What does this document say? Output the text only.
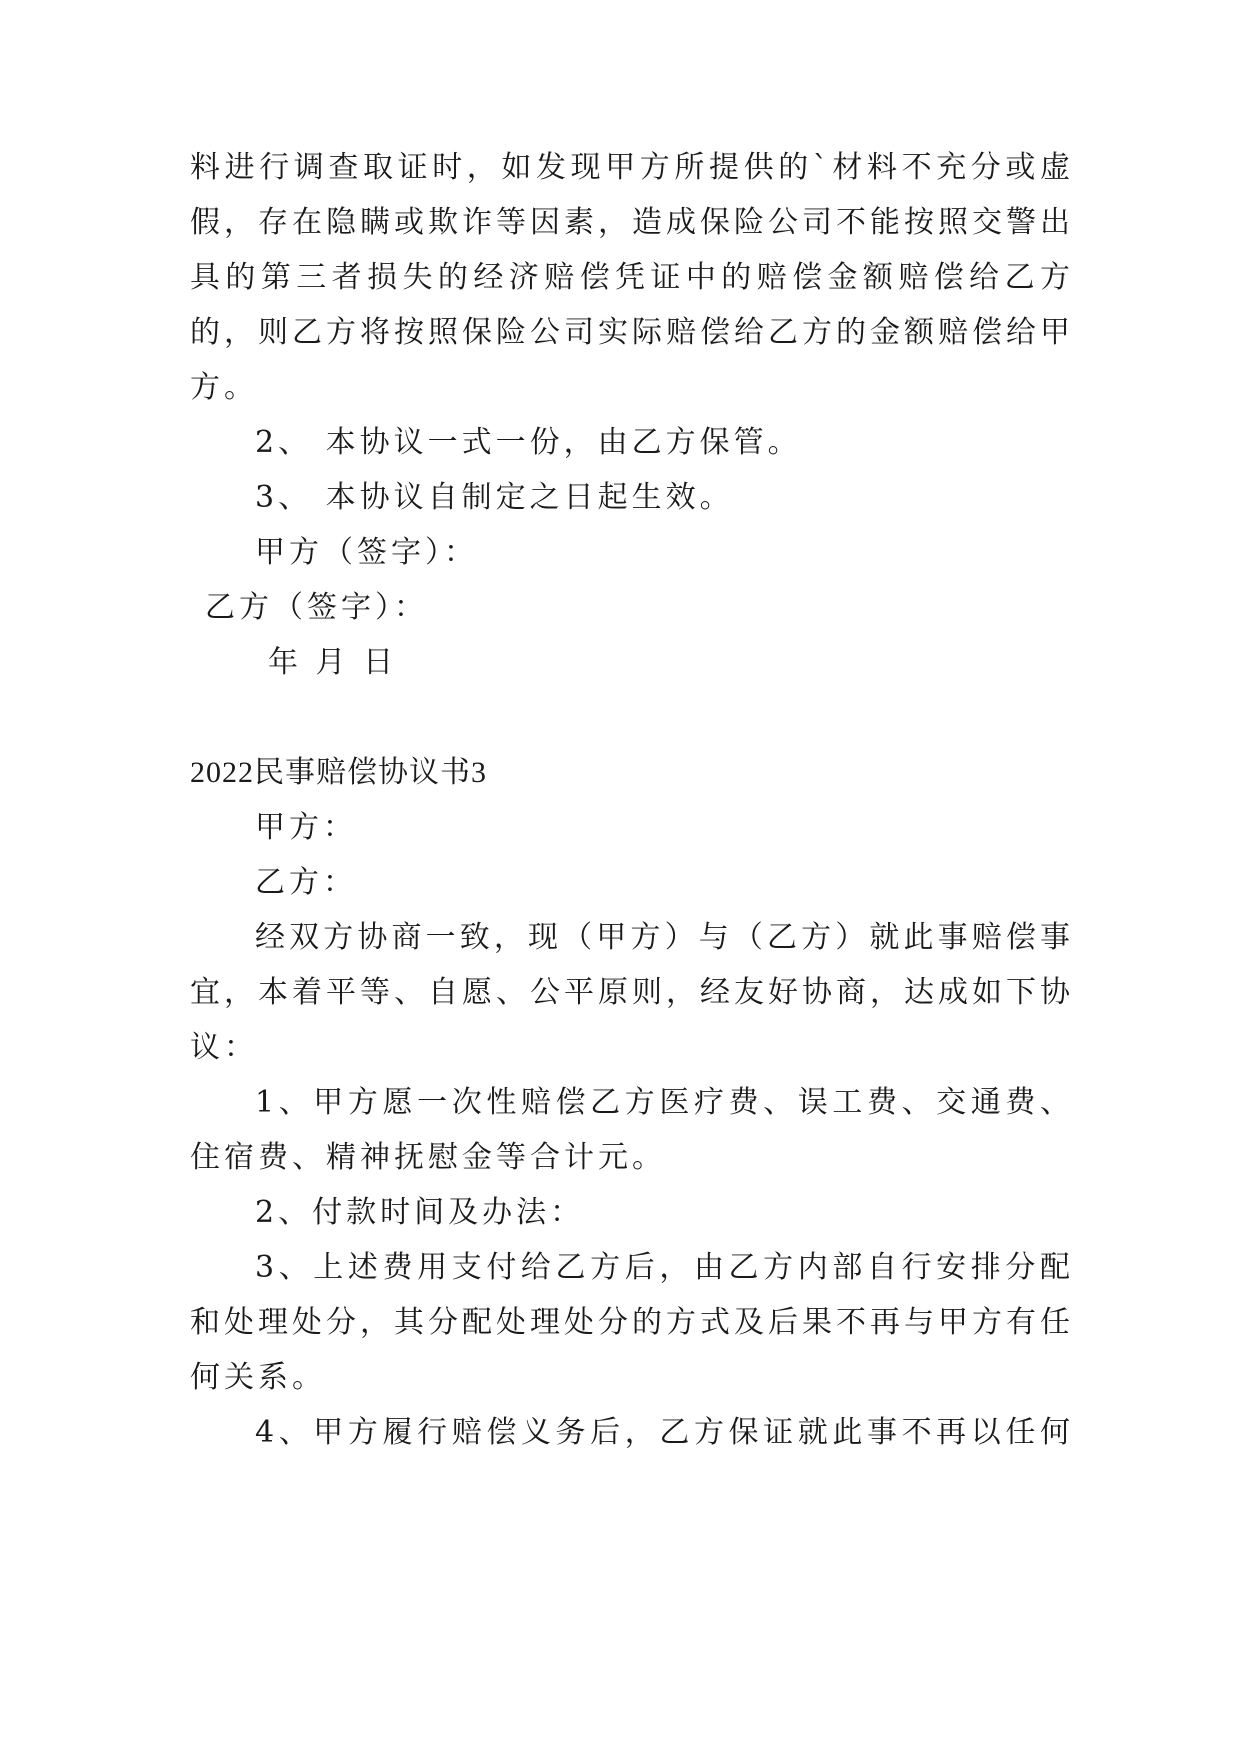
料进行调查取证时，如发现甲方所提供的`材料不充分或虚
假，存在隐瞒或欺诈等因素，造成保险公司不能按照交警出
具的第三者损失的经济赔偿凭证中的赔偿金额赔偿给乙方
的，则乙方将按照保险公司实际赔偿给乙方的金额赔偿给甲
方。
2、 本协议一式一份，由乙方保管。
3、 本协议自制定之日起生效。
甲方（签字）：
乙方（签字）：
年 月 日
2022民事赔偿协议书3
甲方：
乙方：
经双方协商一致，现（甲方）与（乙方）就此事赔偿事
宜，本着平等、自愿、公平原则，经友好协商，达成如下协
议：
1、甲方愿一次性赔偿乙方医疗费、误工费、交通费、
住宿费、精神抚慰金等合计元。
2、付款时间及办法：
3、上述费用支付给乙方后，由乙方内部自行安排分配
和处理处分，其分配处理处分的方式及后果不再与甲方有任
何关系。
4、甲方履行赔偿义务后，乙方保证就此事不再以任何
